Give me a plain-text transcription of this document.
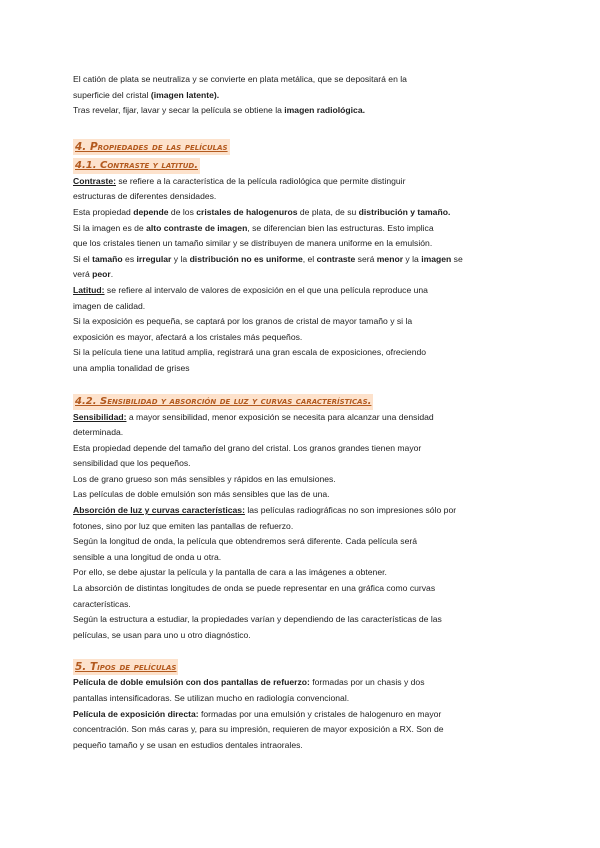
El catión de plata se neutraliza y se convierte en plata metálica, que se depositará en la

superficie del cristal (imagen latente).

Tras revelar, fijar, lavar y secar la película se obtiene la imagen radiológica.

4. Propiedades de las películas
4.1. Contraste y latitud.

Contraste: se refiere a la característica de la película radiológica que permite distinguir

estructuras de diferentes densidades.

Esta propiedad depende de los cristales de halogenuros de plata, de su distribución y tamaño.

Si la imagen es de alto contraste de imagen, se diferencian bien las estructuras. Esto implica

que los cristales tienen un tamaño similar y se distribuyen de manera uniforme en la emulsión.

Si el tamaño es irregular y la distribución no es uniforme, el contraste será menor y la imagen se

verá peor.

Latitud: se refiere al intervalo de valores de exposición en el que una película reproduce una

imagen de calidad.

Si la exposición es pequeña, se captará por los granos de cristal de mayor tamaño y si la

exposición es mayor, afectará a los cristales más pequeños.

Si la película tiene una latitud amplia, registrará una gran escala de exposiciones, ofreciendo

una amplia tonalidad de grises

4.2. Sensibilidad y absorción de luz y curvas características.

Sensibilidad: a mayor sensibilidad, menor exposición se necesita para alcanzar una densidad

determinada.

Esta propiedad depende del tamaño del grano del cristal. Los granos grandes tienen mayor

sensibilidad que los pequeños.

Los de grano grueso son más sensibles y rápidos en las emulsiones.

Las películas de doble emulsión son más sensibles que las de una.

Absorción de luz y curvas características: las películas radiográficas no son impresiones sólo por

fotones, sino por luz que emiten las pantallas de refuerzo.

Según la longitud de onda, la película que obtendremos será diferente. Cada película será

sensible a una longitud de onda u otra.

Por ello, se debe ajustar la película y la pantalla de cara a las imágenes a obtener.

La absorción de distintas longitudes de onda se puede representar en una gráfica como curvas

características.

Según la estructura a estudiar, la propiedades varían y dependiendo de las características de las

películas, se usan para uno u otro diagnóstico.

5. Tipos de películas

Película de doble emulsión con dos pantallas de refuerzo: formadas por un chasis y dos

pantallas intensificadoras. Se utilizan mucho en radiología convencional.

Película de exposición directa: formadas por una emulsión y cristales de halogenuro en mayor

concentración. Son más caras y, para su impresión, requieren de mayor exposición a RX. Son de

pequeño tamaño y se usan en estudios dentales intraorales.
